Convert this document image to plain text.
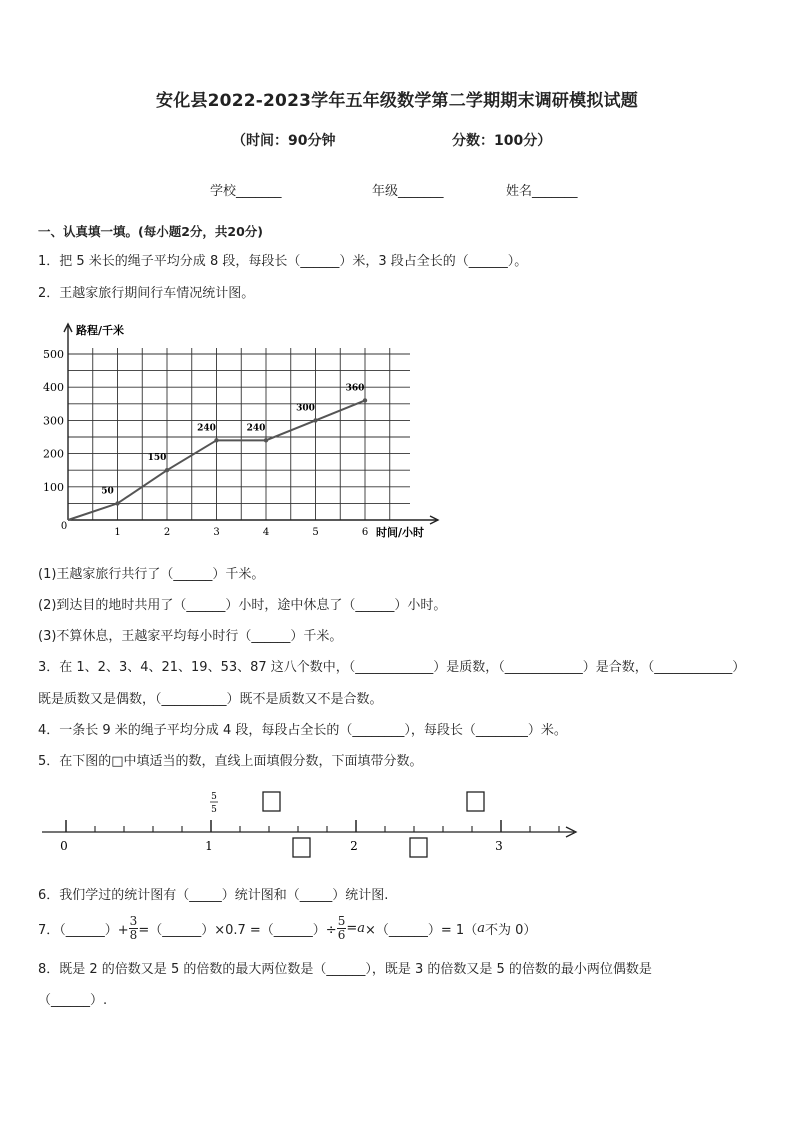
安化县2022-2023学年五年级数学第二学期期末调研模拟试题
（时间：90分钟	分数：100分）
学校_______	年级_______	姓名_______
一、认真填一填。(每小题2分，共20分)
1．把 5 米长的绳子平均分成 8 段，每段长（______）米，3 段占全长的（______）。
2．王越家旅行期间行车情况统计图。
路程/千米
时间/小时
100
200
300
400
500
0
1	2	3	4	5	6
50
150
240	240
300
360
(1)王越家旅行共行了（______）千米。
(2)到达目的地时共用了（______）小时，途中休息了（______）小时。
(3)不算休息，王越家平均每小时行（______）千米。
3．在 1、2、3、4、21、19、53、87 这八个数中，（____________）是质数，（____________）是合数，（____________）
既是质数又是偶数，（__________）既不是质数又不是合数。
4．一条长 9 米的绳子平均分成 4 段，每段占全长的（________），每段长（________）米。
5．在下图的□中填适当的数，直线上面填假分数，下面填带分数。
0	1	2	3
5
5
6．我们学过的统计图有（_____）统计图和（_____）统计图.
7．（______）+ $\frac{3}{8}$ =（______）×0.7 =（______）÷ $\frac{5}{6} = a$ ×（______）= 1（ a 不为 0）
8．既是 2 的倍数又是 5 的倍数的最大两位数是（______），既是 3 的倍数又是 5 的倍数的最小两位偶数是
（______）.
